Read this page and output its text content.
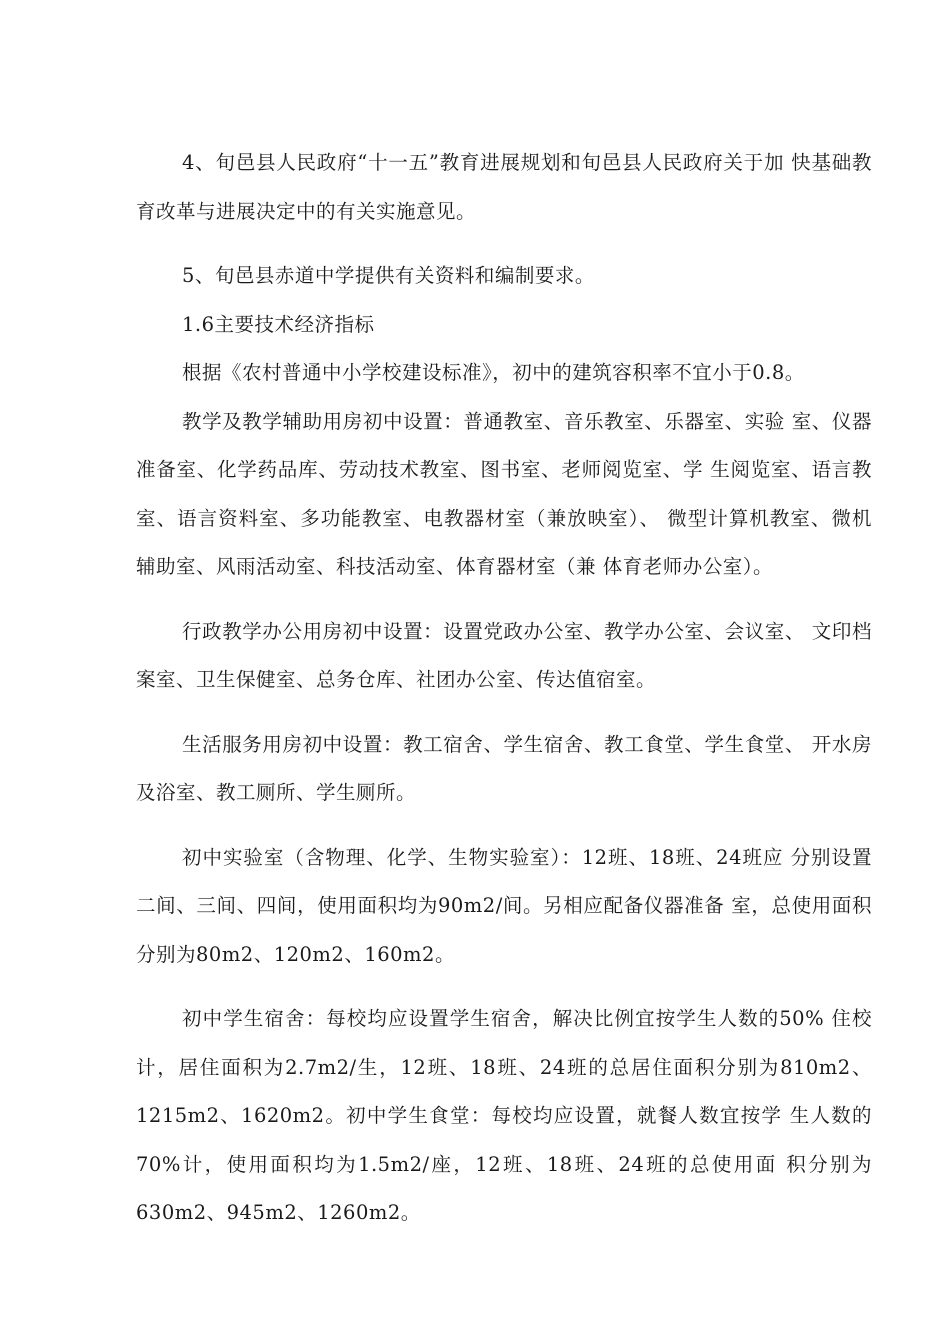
4、旬邑县人民政府“十一五”教育进展规划和旬邑县人民政府关于加 快基础教育改革与进展决定中的有关实施意见。

5、旬邑县赤道中学提供有关资料和编制要求。

1.6主要技术经济指标

根据《农村普通中小学校建设标准》，初中的建筑容积率不宜小于0.8。

教学及教学辅助用房初中设置：普通教室、音乐教室、乐器室、实验 室、仪器准备室、化学药品库、劳动技术教室、图书室、老师阅览室、学 生阅览室、语言教室、语言资料室、多功能教室、电教器材室（兼放映室）、 微型计算机教室、微机辅助室、风雨活动室、科技活动室、体育器材室（兼 体育老师办公室）。

行政教学办公用房初中设置：设置党政办公室、教学办公室、会议室、 文印档案室、卫生保健室、总务仓库、社团办公室、传达值宿室。

生活服务用房初中设置：教工宿舍、学生宿舍、教工食堂、学生食堂、 开水房及浴室、教工厕所、学生厕所。

初中实验室（含物理、化学、生物实验室）：12班、18班、24班应 分别设置二间、三间、四间，使用面积均为90m2/间。另相应配备仪器准备 室，总使用面积分别为80m2、120m2、160m2。

初中学生宿舍：每校均应设置学生宿舍，解决比例宜按学生人数的50% 住校计，居住面积为2.7m2/生，12班、18班、24班的总居住面积分别为810m2、1215m2、1620m2。初中学生食堂：每校均应设置，就餐人数宜按学 生人数的70%计，使用面积均为1.5m2/座，12班、18班、24班的总使用面 积分别为630m2、945m2、1260m2。
